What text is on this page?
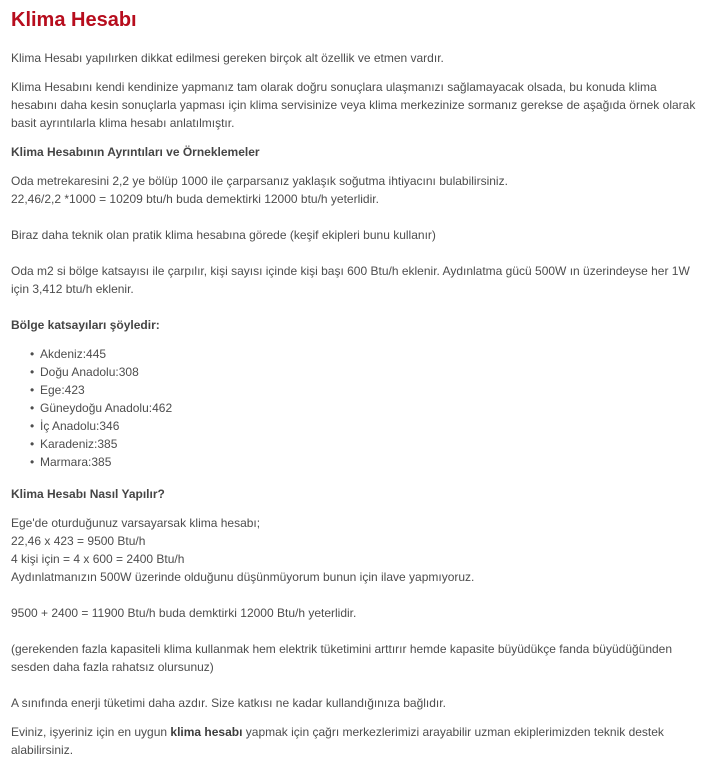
Klima Hesabı

Klima Hesabı yapılırken dikkat edilmesi gereken birçok alt özellik ve etmen vardır.

Klima Hesabını kendi kendinize yapmanız tam olarak doğru sonuçlara ulaşmanızı sağlamayacak olsada, bu konuda klima hesabını daha kesin sonuçlarla yapması için klima servisinize veya klima merkezinize sormanız gerekse de aşağıda örnek olarak basit ayrıntılarla klima hesabı anlatılmıştır.

Klima Hesabının Ayrıntıları ve Örneklemeler

Oda metrekaresini 2,2 ye bölüp 1000 ile çarparsanız yaklaşık soğutma ihtiyacını bulabilirsiniz.
22,46/2,2 *1000 = 10209 btu/h buda demektirki 12000 btu/h yeterlidir.

Biraz daha teknik olan pratik klima hesabına görede (keşif ekipleri bunu kullanır)

Oda m2 si bölge katsayısı ile çarpılır, kişi sayısı içinde kişi başı 600 Btu/h eklenir. Aydınlatma gücü 500W ın üzerindeyse her 1W için 3,412 btu/h eklenir.

Bölge katsayıları şöyledir:
• Akdeniz:445
• Doğu Anadolu:308
• Ege:423
• Güneydoğu Anadolu:462
• İç Anadolu:346
• Karadeniz:385
• Marmara:385
Klima Hesabı Nasıl Yapılır?

Ege'de oturduğunuz varsayarsak klima hesabı;
22,46 x 423 = 9500 Btu/h
4 kişi için = 4 x 600 = 2400 Btu/h
Aydınlatmanızın 500W üzerinde olduğunu düşünmüyorum bunun için ilave yapmıyoruz.

9500 + 2400 = 11900 Btu/h buda demktirki 12000 Btu/h yeterlidir.

(gerekenden fazla kapasiteli klima kullanmak hem elektrik tüketimini arttırır hemde kapasite büyüdükçe fanda büyüdüğünden sesden daha fazla rahatsız olursunuz)

A sınıfında enerji tüketimi daha azdır. Size katkısı ne kadar kullandığınıza bağlıdır.

Eviniz, işyeriniz için en uygun klima hesabı yapmak için çağrı merkezlerimizi arayabilir uzman ekiplerimizden teknik destek alabilirsiniz.
